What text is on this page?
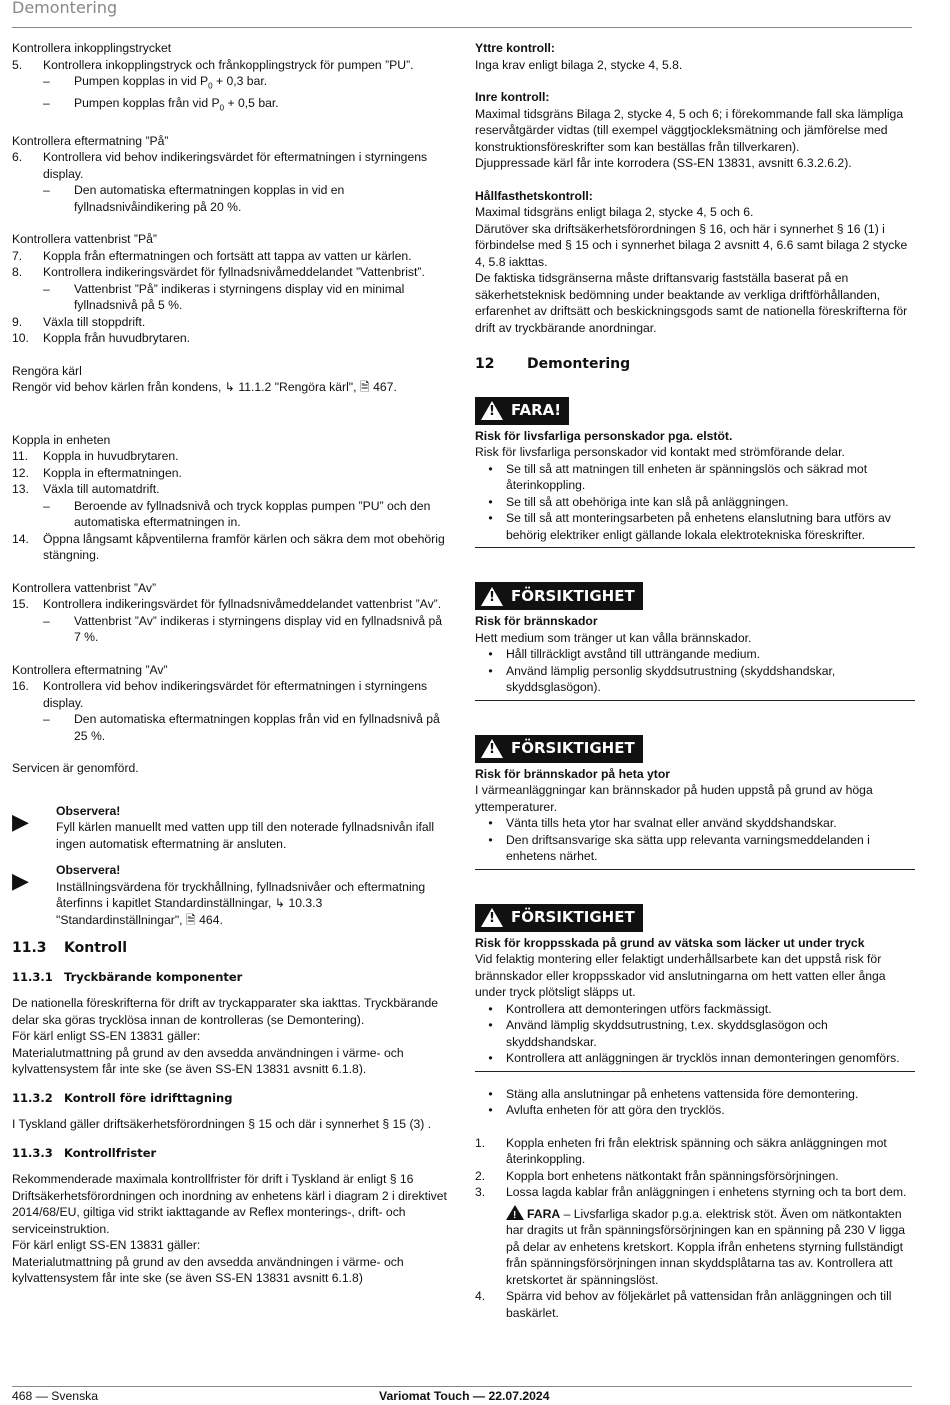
Demontering

Kontrollera inkopplingstrycket

5.	Kontrollera inkopplingstryck och frånkopplingstryck för pumpen ”PU”.
–	Pumpen kopplas in vid $P_0 + 0,3$ bar.
–	Pumpen kopplas från vid $P_0 + 0,5$ bar.

Kontrollera eftermatning ”På”

6.	Kontrollera vid behov indikeringsvärdet för eftermatningen i styrningens display.
–	Den automatiska eftermatningen kopplas in vid en fyllnadsnivåindikering på 20 %.

Kontrollera vattenbrist ”På”

7.	Koppla från eftermatningen och fortsätt att tappa av vatten ur kärlen.
8.	Kontrollera indikeringsvärdet för fyllnadsnivåmeddelandet ”Vattenbrist”.
–	Vattenbrist ”På” indikeras i styrningens display vid en minimal fyllnadsnivå på 5 %.
9.	Växla till stoppdrift.
10.	Koppla från huvudbrytaren.

Rengöra kärl

Rengör vid behov kärlen från kondens, ↳ 11.1.2 "Rengöra kärl", 🗎 467.

Koppla in enheten

11.	Koppla in huvudbrytaren.
12.	Koppla in eftermatningen.
13.	Växla till automatdrift.
–	Beroende av fyllnadsnivå och tryck kopplas pumpen ”PU” och den automatiska eftermatningen in.
14.	Öppna långsamt kåpventilerna framför kärlen och säkra dem mot obehörig stängning.

Kontrollera vattenbrist ”Av”

15.	Kontrollera indikeringsvärdet för fyllnadsnivåmeddelandet vattenbrist ”Av”.
–	Vattenbrist ”Av” indikeras i styrningens display vid en fyllnadsnivå på 7 %.

Kontrollera eftermatning ”Av”

16.	Kontrollera vid behov indikeringsvärdet för eftermatningen i styrningens display.
–	Den automatiska eftermatningen kopplas från vid en fyllnadsnivå på 25 %.

Servicen är genomförd.

▶	Observera!

Fyll kärlen manuellt med vatten upp till den noterade fyllnadsnivån ifall ingen automatisk eftermatning är ansluten.

▶	Observera!

Inställningsvärdena för tryckhållning, fyllnadsnivåer och eftermatning återfinns i kapitlet Standardinställningar, ↳ 10.3.3 "Standardinställningar", 🗎 464.

11.3 Kontroll
11.3.1 Tryckbärande komponenter

De nationella föreskrifterna för drift av tryckapparater ska iakttas. Tryckbärande delar ska göras trycklösa innan de kontrolleras (se Demontering).

För kärl enligt SS-EN 13831 gäller:

Materialutmattning på grund av den avsedda användningen i värme- och kylvattensystem får inte ske (se även SS-EN 13831 avsnitt 6.1.8).

11.3.2 Kontroll före idrifttagning

I Tyskland gäller driftsäkerhetsförordningen § 15 och där i synnerhet § 15 (3) .

11.3.3 Kontrollfrister

Rekommenderade maximala kontrollfrister för drift i Tyskland är enligt § 16 Driftsäkerhetsförordningen och inordning av enhetens kärl i diagram 2 i direktivet 2014/68/EU, giltiga vid strikt iakttagande av Reflex monterings-, drift- och serviceinstruktion.

För kärl enligt SS-EN 13831 gäller:

Materialutmattning på grund av den avsedda användningen i värme- och kylvattensystem får inte ske (se även SS-EN 13831 avsnitt 6.1.8)

Yttre kontroll:

Inga krav enligt bilaga 2, stycke 4, 5.8.

Inre kontroll:

Maximal tidsgräns Bilaga 2, stycke 4, 5 och 6; i förekommande fall ska lämpliga reservåtgärder vidtas (till exempel väggtjockleksmätning och jämförelse med konstruktionsföreskrifter som kan beställas från tillverkaren).

Djuppressade kärl får inte korrodera (SS-EN 13831, avsnitt 6.3.2.6.2).

Hållfasthetskontroll:

Maximal tidsgräns enligt bilaga 2, stycke 4, 5 och 6.

Därutöver ska driftsäkerhetsförordningen § 16, och här i synnerhet § 16 (1) i förbindelse med § 15 och i synnerhet bilaga 2 avsnitt 4, 6.6 samt bilaga 2 stycke 4, 5.8 iakttas.

De faktiska tidsgränserna måste driftansvarig fastställa baserat på en säkerhetsteknisk bedömning under beaktande av verkliga driftförhållanden, erfarenhet av driftsätt och beskickningsgods samt de nationella föreskrifterna för drift av tryckbärande anordningar.

12 Demontering
!
FARA!

Risk för livsfarliga personskador pga. elstöt.

Risk för livsfarliga personskador vid kontakt med strömförande delar.

•	Se till så att matningen till enheten är spänningslös och säkrad mot återinkoppling.
•	Se till så att obehöriga inte kan slå på anläggningen.
•	Se till så att monteringsarbeten på enhetens elanslutning bara utförs av behörig elektriker enligt gällande lokala elektrotekniska föreskrifter.
!
FÖRSIKTIGHET

Risk för brännskador

Hett medium som tränger ut kan vålla brännskador.

•	Håll tillräckligt avstånd till utträngande medium.
•	Använd lämplig personlig skyddsutrustning (skyddshandskar, skyddsglasögon).
!
FÖRSIKTIGHET

Risk för brännskador på heta ytor

I värmeanläggningar kan brännskador på huden uppstå på grund av höga yttemperaturer.

•	Vänta tills heta ytor har svalnat eller använd skyddshandskar.
•	Den driftsansvarige ska sätta upp relevanta varningsmeddelanden i enhetens närhet.
!
FÖRSIKTIGHET

Risk för kroppsskada på grund av vätska som läcker ut under tryck

Vid felaktig montering eller felaktigt underhållsarbete kan det uppstå risk för brännskador eller kroppsskador vid anslutningarna om hett vatten eller ånga under tryck plötsligt släpps ut.

•	Kontrollera att demonteringen utförs fackmässigt.
•	Använd lämplig skyddsutrustning, t.ex. skyddsglasögon och skyddshandskar.
•	Kontrollera att anläggningen är trycklös innan demonteringen genomförs.
•	Stäng alla anslutningar på enhetens vattensida före demontering.
•	Avlufta enheten för att göra den trycklös.
1.	Koppla enheten fri från elektrisk spänning och säkra anläggningen mot återinkoppling.
2.	Koppla bort enhetens nätkontakt från spänningsförsörjningen.
3.	Lossa lagda kablar från anläggningen i enhetens styrning och ta bort dem.

!FARA – Livsfarliga skador p.g.a. elektrisk stöt. Även om nätkontakten har dragits ut från spänningsförsörjningen kan en spänning på 230 V ligga på delar av enhetens kretskort. Koppla ifrån enhetens styrning fullständigt från spänningsförsörjningen innan skyddsplåtarna tas av. Kontrollera att kretskortet är spänningslöst.

4.	Spärra vid behov av följekärlet på vattensidan från anläggningen och till baskärlet.
468 — Svenska	Variomat Touch — 22.07.2024
